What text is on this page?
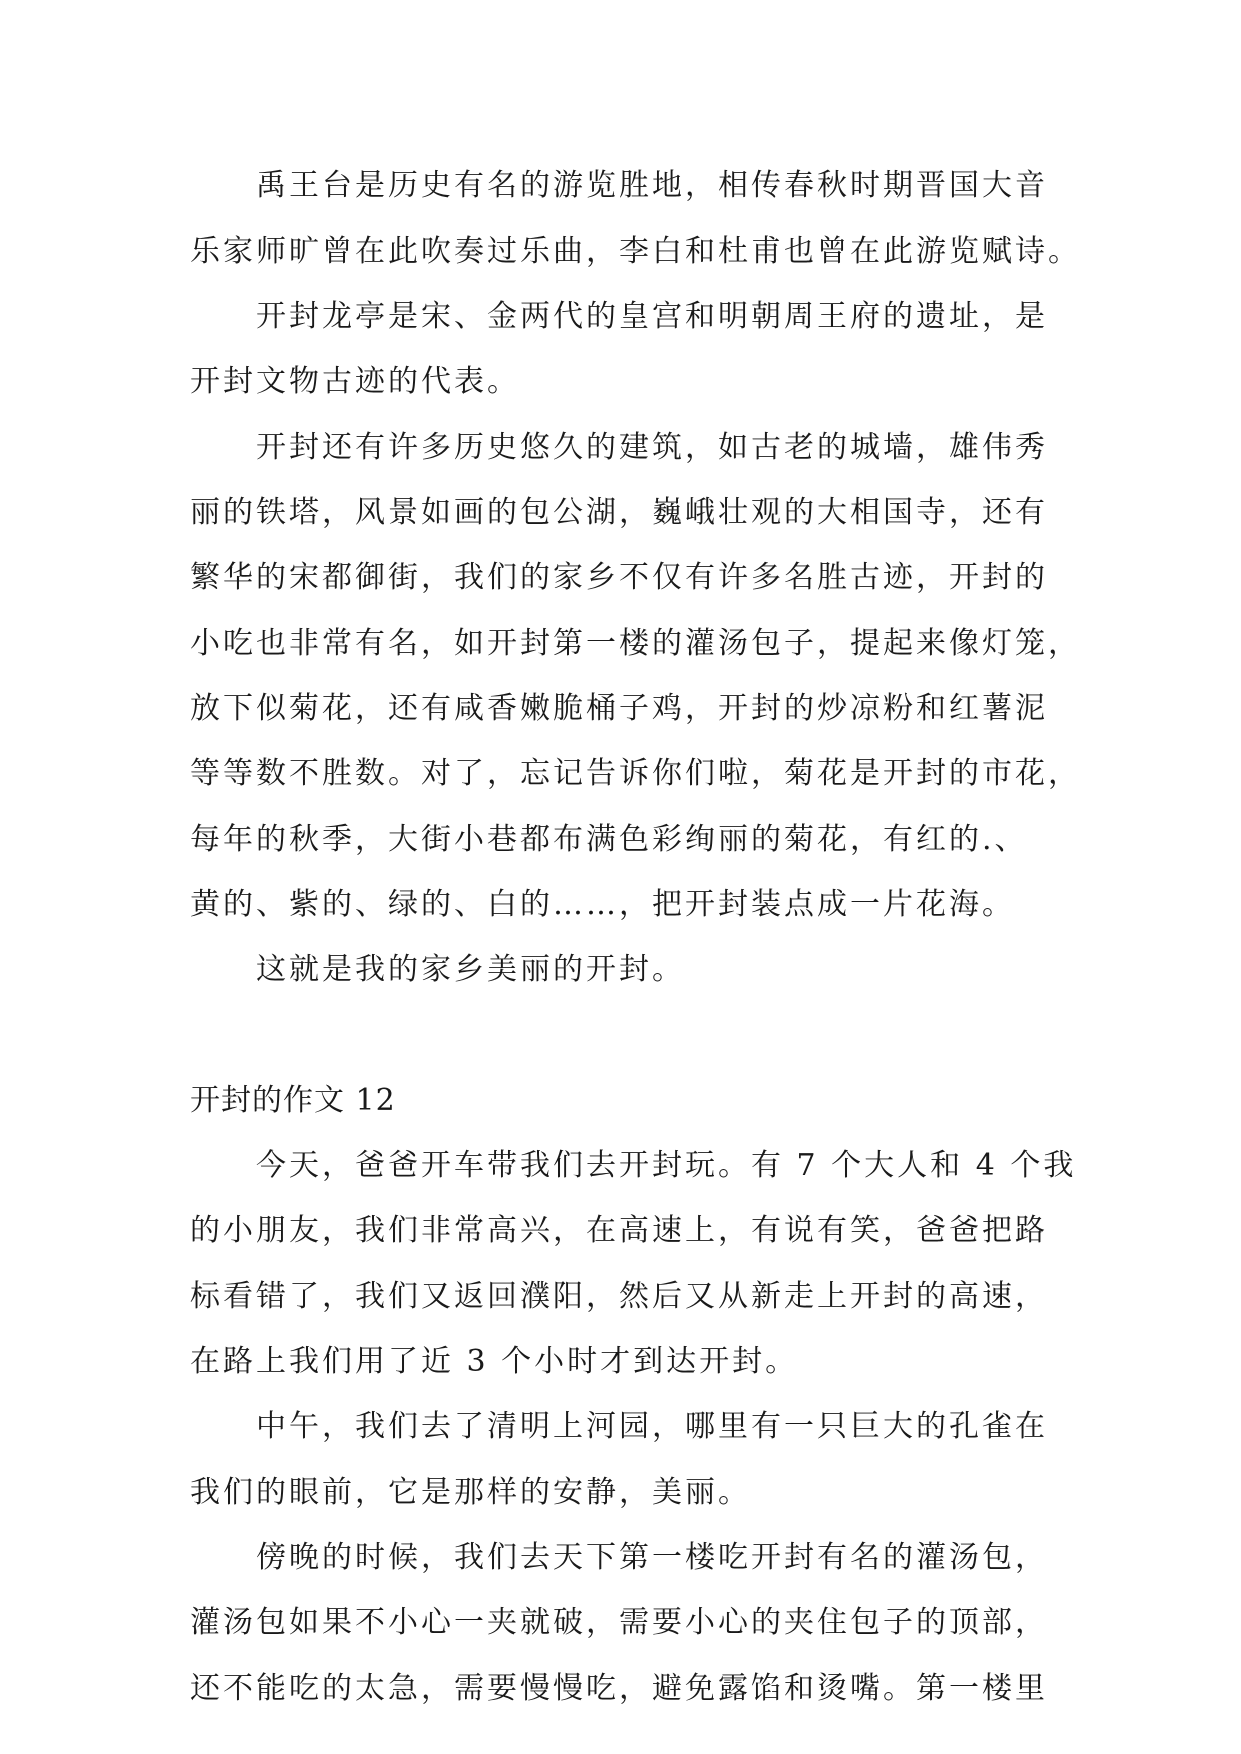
禹王台是历史有名的游览胜地，相传春秋时期晋国大音
乐家师旷曾在此吹奏过乐曲，李白和杜甫也曾在此游览赋诗。
开封龙亭是宋、金两代的皇宫和明朝周王府的遗址，是
开封文物古迹的代表。
开封还有许多历史悠久的建筑，如古老的城墙，雄伟秀
丽的铁塔，风景如画的包公湖，巍峨壮观的大相国寺，还有
繁华的宋都御街，我们的家乡不仅有许多名胜古迹，开封的
小吃也非常有名，如开封第一楼的灌汤包子，提起来像灯笼，
放下似菊花，还有咸香嫩脆桶子鸡，开封的炒凉粉和红薯泥
等等数不胜数。对了，忘记告诉你们啦，菊花是开封的市花，
每年的秋季，大街小巷都布满色彩绚丽的菊花，有红的.、
黄的、紫的、绿的、白的……，把开封装点成一片花海。
这就是我的家乡美丽的开封。
开封的作文 12
今天，爸爸开车带我们去开封玩。有 7 个大人和 4 个我
的小朋友，我们非常高兴，在高速上，有说有笑，爸爸把路
标看错了，我们又返回濮阳，然后又从新走上开封的高速，
在路上我们用了近 3 个小时才到达开封。
中午，我们去了清明上河园，哪里有一只巨大的孔雀在
我们的眼前，它是那样的安静，美丽。
傍晚的时候，我们去天下第一楼吃开封有名的灌汤包，
灌汤包如果不小心一夹就破，需要小心的夹住包子的顶部，
还不能吃的太急，需要慢慢吃，避免露馅和烫嘴。第一楼里
